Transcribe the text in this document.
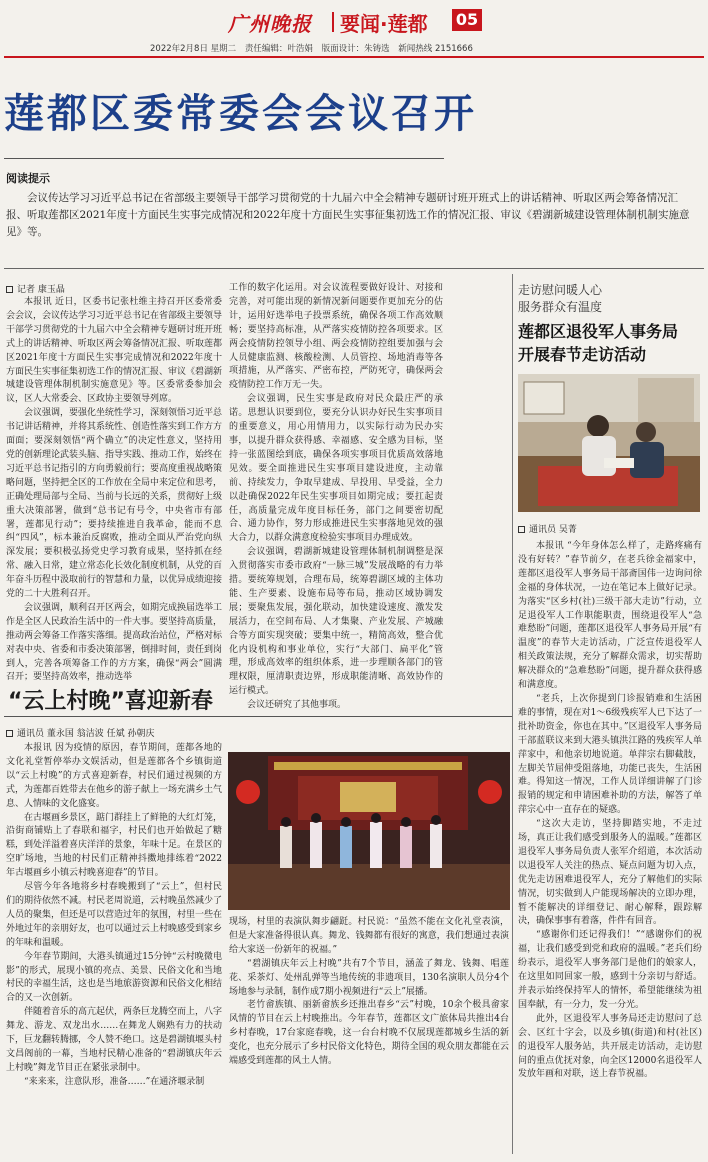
广州晚报 要闻·莲都 05
2022年2月8日 星期二 责任编辑：叶浩娟 版面设计：朱铸选 新闻热线 2151666
莲都区委常委会会议召开
阅读提示
会议传达学习习近平总书记在省部级主要领导干部学习贯彻党的十九届六中全会精神专题研讨班开班式上的讲话精神、听取区两会筹备情况汇报、听取莲都区2021年度十方面民生实事完成情况和2022年度十方面民生实事征集初选工作的情况汇报、审议《碧湖新城建设管理体制机制实施意见》等。
记者 康玉晶

本报讯 近日，区委书记张杜维主持召开区委常委会会议，会议传达学习习近平总书记在省部级主要领导干部学习贯彻党的十九届六中全会精神专题研讨班开班式上的讲话精神、听取区两会筹备情况汇报、听取莲都区2021年度十方面民生实事完成情况和2022年度十方面民生实事征集初选工作的情况汇报、审议《碧湖新城建设管理体制机制实施意见》等。区委常委参加会议，区人大常委会、区政协主要领导列席。

会议强调，要强化坐统性学习，深刻领悟习近平总书记讲话精神，并将其系统性、创造性落实到工作方方面面；要深刻领悟“两个确立”的决定性意义，坚持用党的创新理论武装头脑、指导实践、推动工作，始终在习近平总书记指引的方向勇毅前行；要高度重视战略策略问题，坚持把全区的工作放在全局中来定位和思考，正确处理局部与全局、当前与长远的关系，贯彻好上级重大决策部署，做到“总书记有号令，中央省市有部署，莲都见行动”；要持续推进自我革命，能而不息纠“四风”，标本兼治反腐败，推动全面从严治党向纵深发展；要积极弘扬党史学习教育成果，坚持抓在经常、融入日常，建立常态化长效化制度机制，从党的百年奋斗历程中汲取前行的智慧和力量，以优异成绩迎接党的二十大胜利召开。

会议强调，顺利召开区两会，如期完成换届选举工作是全区人民政治生活中的一件大事。要坚持高质量，推动两会筹备工作落实落细。提高政治站位，严格对标对表中央、省委和市委决策部署，倒排时间，责任到岗到人，完善各项筹备工作的方方案，确保“两会”圆满召开；要坚持高效率，推动选举

工作的数字化运用。对会议流程要做好设计、对接和完善，对可能出现的新情况新问题要作更加充分的估计，运用好选举电子投票系统，确保各项工作高效顺畅；要坚持高标准，从严落实疫情防控各项要求。区两会疫情防控领导小组、两会疫情防控组要加强与会人员健康监测、核酸检测、人员管控、场地消毒等各项措施，从严落实、严密布控，严防死守，确保两会疫情防控工作万无一失。

会议强调，民生实事是政府对民众最庄严的承诺。思想认识要到位，要充分认识办好民生实事项目的重要意义，用心用情用力，以实际行动为民办实事，以提升群众获得感、幸福感、安全感为目标，坚持一张蓝图绘到底，确保各项实事项目优质高效落地见效。要全面推进民生实事项目建设进度，主动靠前、持续发力，争取早建成、早投用、早受益，全力以赴确保2022年民生实事项目如期完成；要扛起责任，高质量完成年度目标任务，部门之间要密切配合、通力协作，努力形成推进民生实事落地见效的强大合力，以群众满意度检验实事项目办理成效。

会议强调，碧湖新城建设管理体制机制调整是深入贯彻落实市委市政府“一脉三城”发展战略的有力举措。要统筹规划，合理布局，统筹碧湖区域的主体功能、生产要素、设施布局等布局，推动区域协调发展；要聚焦发展，强化联动，加快建设速度、激发发展活力，在空间布局、人才集聚、产业发展、产城融合等方面实现突破；要集中统一，精简高效，整合优化内设机构和事业单位，实行“大部门、扁平化”管理，形成高效率的组织体系，进一步理顺各部门的管理权限，厘清职责边界，形成职能清晰、高效协作的运行模式。

会议还研究了其他事项。

走访慰问暖人心
服务群众有温度
莲都区退役军人事务局
开展春节走访活动
通讯员 吴菁

本报讯 “今年身体怎么样了，走路疼痛有没有好转？”春节前夕，在老兵徐金福家中，莲都区退役军人事务局干部斋国伟一边询问徐金福的身体状况，一边在笔记本上做好记录。为落实“区乡村(社)三级干部大走访”行动，立足退役军人工作职能职责，围绕退役军人“急难愁盼”问题，莲都区退役军人事务局开展“有温度”的春节大走访活动，广泛宣传退役军人相关政策法规，充分了解群众需求，切实帮助解决群众的“急难愁盼”问题，提升群众获得感和满意度。

“老兵，上次你提到门诊报销难和生活困难的事情，现在对1～6级残疾军人已下达了一批补助资金，你也在其中。”区退役军人事务局干部蓝联议来到大港头镇洪江路的残疾军人单萍家中，和他亲切地说道。单萍宗右脚截肢，左脚关节屈伸受阻落地，功能已丧失，生活困难。得知这一情况，工作人员详细讲解了门诊报销的规定和申请困难补助的方法，解答了单萍宗心中一直存在的疑惑。

“这次大走访，坚持脚踏实地，不走过场，真正让我们感受到服务人的温暖。”莲都区退役军人事务局负责人张军介绍道，本次活动以退役军人关注的热点、疑点问题为切入点，优先走访困难退役军人，充分了解他们的实际情况，切实做到人户能现场解决的立即办理，暂不能解决的详细登记、耐心解释，跟踪解决，确保事事有着落，件件有回音。

“感谢你们还记得我们！”“感谢你们的祝福，让我们感受到党和政府的温暖。”老兵们纷纷表示，退役军人事务部门是他们的娘家人，在这里如同回家一般，感到十分亲切与舒适。并表示始终保持军人的情怀，希望能继续为祖国奉献，有一分力，发一分光。

此外，区退役军人事务局还走访慰问了总会、区红十字会，以及乡镇(街道)和村(社区)的退役军人服务站，共开展走访活动，走访慰问的重点优抚对象，向全区12000名退役军人发放年画和对联，送上春节祝福。

“云上村晚”喜迎新春
通讯员 董永国 翁洁波 任斌 孙朝庆

本报讯 因为疫情的原因，春节期间，莲都各地的文化礼堂暂停举办文娱活动，但是莲都各个乡镇街道以“云上村晚”的方式喜迎新春，村民们通过视频的方式，为莲都百姓带去在他乡的游子献上一场充满乡土气息、人情味的文化盛宴。

在古堰画乡景区，踮门群挂上了鲜艳的大红灯笼，沿街商铺贴上了春联和福字，村民们也开始做起了糖糕，到处洋溢着喜庆洋洋的景象，年味十足。在景区的空旷场地，当地的村民们正精神抖擞地排练着“2022年古堰画乡小镇云村晚喜迎春”的节目。

尽管今年各地将乡村春晚搬到了“云上”，但村民们的期待依然不减。村民老周说道，云村晚虽然减少了人员的聚集，但还是可以营造过年的氛围，村里一些在外地过年的亲朋好友，也可以通过云上村晚感受到家乡的年味和温暖。

今年春节期间，大港头镇通过15分钟“云村晚微电影”的形式，展现小镇的亮点、美景、民俗文化和当地村民的幸福生活，这也是当地旅游资源和民俗文化相结合的又一次创新。

伴随着音乐的高亢起伏，两条巨龙腾空而上，八字舞龙、游龙、双龙出水……在舞龙人娴熟有力的扶动下，巨龙翻转腾挪，令人赞不绝口。这是碧湖镇堰头村文昌阁前的一幕，当地村民精心准备的“碧湖镇庆年云上村晚”舞龙节目正在紧张录制中。

“来来来，注意队形，准备……”在通济堰录制

现场，村里的表演队舞步翩跹。村民说：“虽然不能在文化礼堂表演，但是大家准备得很认真。舞龙、钱舞都有很好的寓意，我们想通过表演给大家送一份新年的祝福。”

“碧湖镇庆年云上村晚”共有7个节目，涵盖了舞龙、钱舞、唱莲花、采茶灯、处州乱弹等当地传统的非遗项目，130名演职人员分4个场地参与录制，制作成7期小视频进行“云上”展播。

老竹畲族镇、丽新畲族乡还推出春乡“云”村晚，10余个极具畲家风情的节目在云上村晚推出。今年春节，莲都区文广旅体局共推出4台乡村春晚，17台家庭春晚，这一台台村晚不仅展现莲都城乡生活的新变化，也充分展示了乡村民俗文化特色，期待全国的观众朋友都能在云端感受到莲都的风土人情。
